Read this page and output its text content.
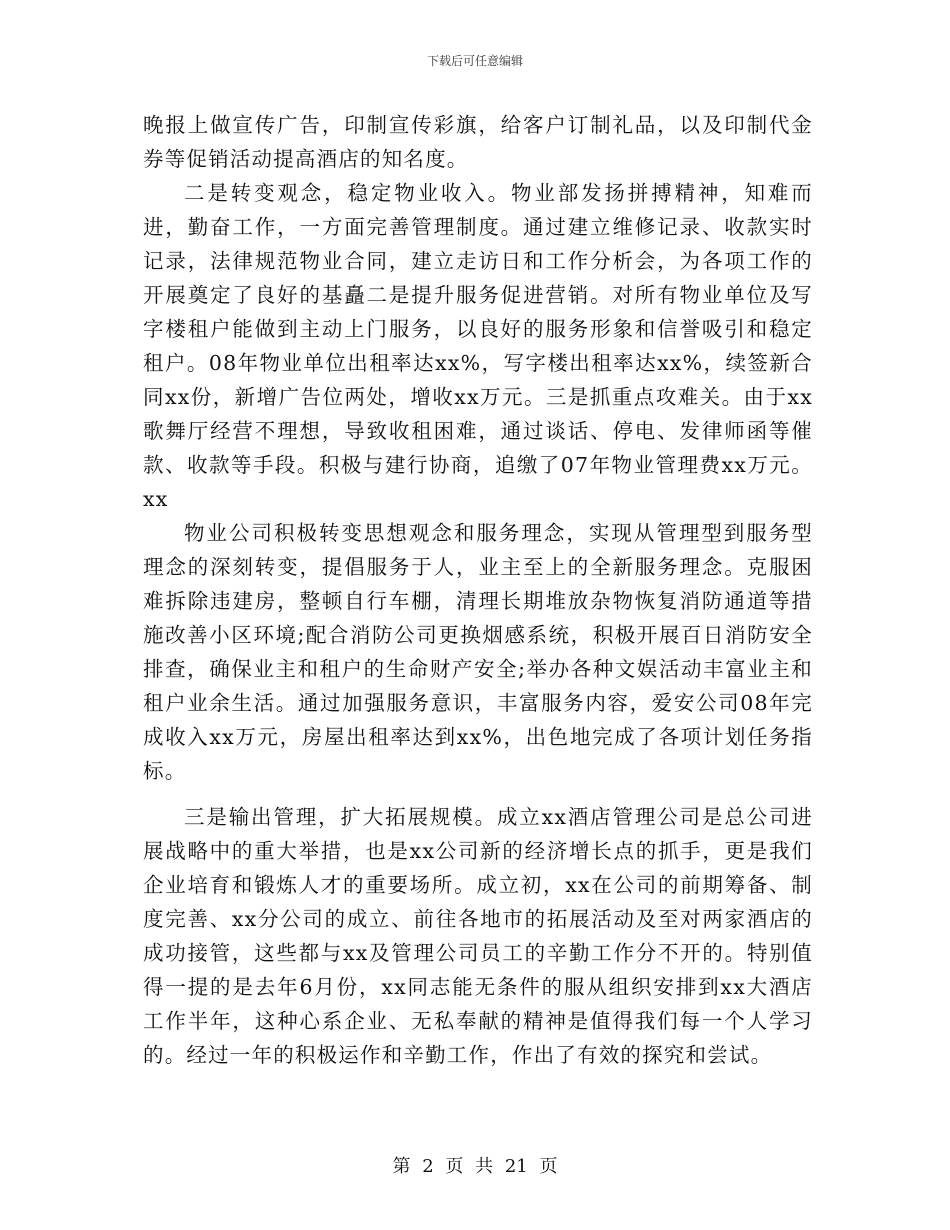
下载后可任意编辑

晚报上做宣传广告，印制宣传彩旗，给客户订制礼品，以及印制代金券等促销活动提高酒店的知名度。

二是转变观念，稳定物业收入。物业部发扬拼搏精神，知难而进，勤奋工作，一方面完善管理制度。通过建立维修记录、收款实时记录，法律规范物业合同，建立走访日和工作分析会，为各项工作的开展奠定了良好的基矗二是提升服务促进营销。对所有物业单位及写字楼租户能做到主动上门服务，以良好的服务形象和信誉吸引和稳定租户。08年物业单位出租率达xx%，写字楼出租率达xx%，续签新合同xx份，新增广告位两处，增收xx万元。三是抓重点攻难关。由于xx歌舞厅经营不理想，导致收租困难，通过谈话、停电、发律师函等催款、收款等手段。积极与建行协商，追缴了07年物业管理费xx万元。xx

物业公司积极转变思想观念和服务理念，实现从管理型到服务型理念的深刻转变，提倡服务于人，业主至上的全新服务理念。克服困难拆除违建房，整顿自行车棚，清理长期堆放杂物恢复消防通道等措施改善小区环境;配合消防公司更换烟感系统，积极开展百日消防安全排查，确保业主和租户的生命财产安全;举办各种文娱活动丰富业主和租户业余生活。通过加强服务意识，丰富服务内容，爱安公司08年完成收入xx万元，房屋出租率达到xx%，出色地完成了各项计划任务指标。

三是输出管理，扩大拓展规模。成立xx酒店管理公司是总公司进展战略中的重大举措，也是xx公司新的经济增长点的抓手，更是我们企业培育和锻炼人才的重要场所。成立初，xx在公司的前期筹备、制度完善、xx分公司的成立、前往各地市的拓展活动及至对两家酒店的成功接管，这些都与xx及管理公司员工的辛勤工作分不开的。特别值得一提的是去年6月份，xx同志能无条件的服从组织安排到xx大酒店工作半年，这种心系企业、无私奉献的精神是值得我们每一个人学习的。经过一年的积极运作和辛勤工作，作出了有效的探究和尝试。

第 2 页 共 21 页
